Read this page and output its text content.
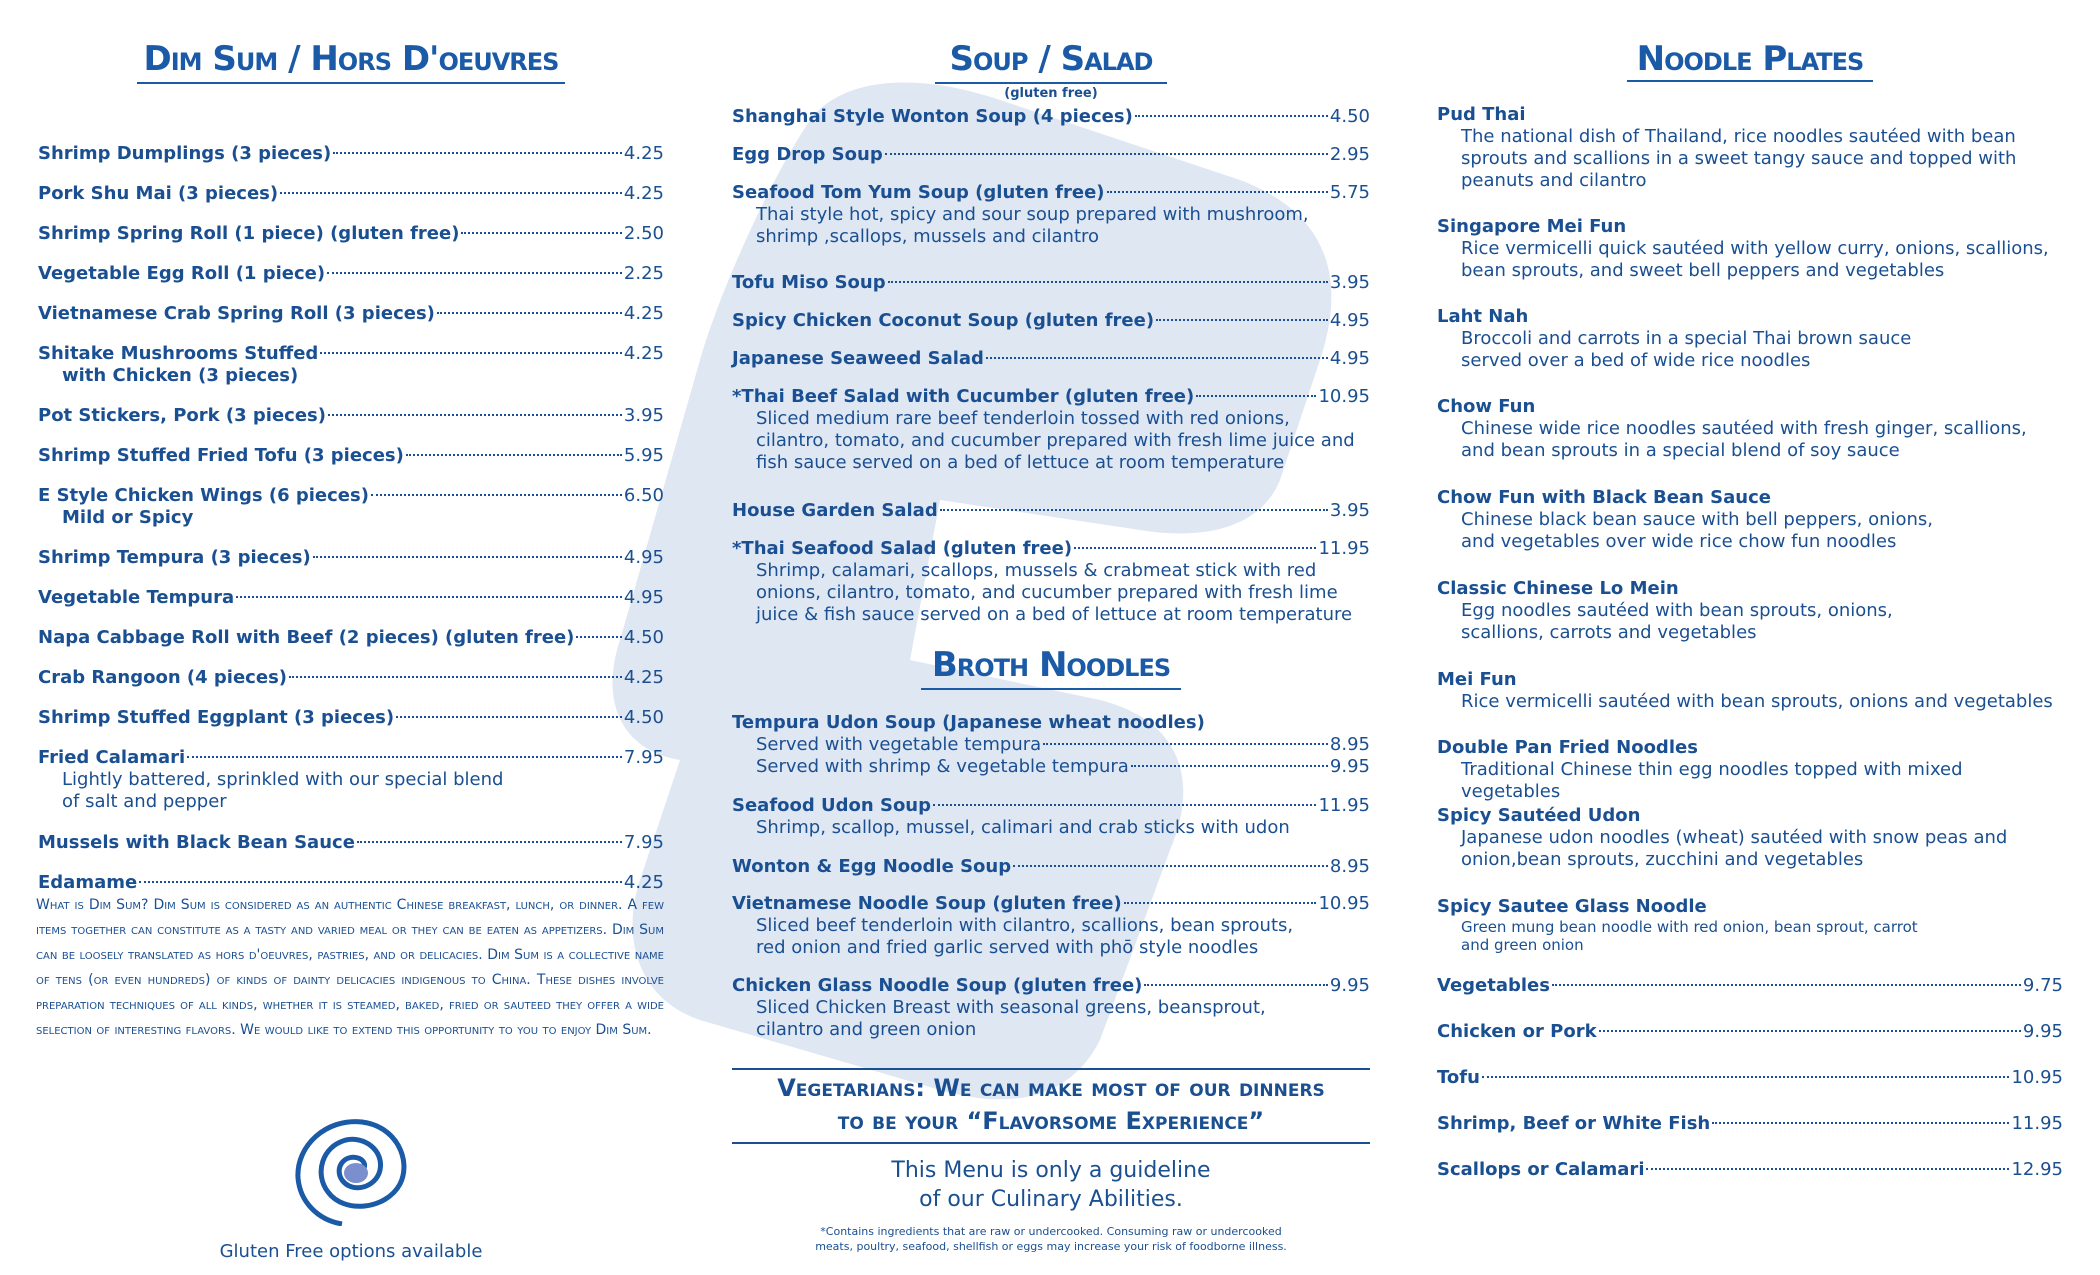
Dim Sum / Hors D'oeuvres
Shrimp Dumplings (3 pieces)	4.25
Pork Shu Mai (3 pieces)	4.25
Shrimp Spring Roll (1 piece) (gluten free)	2.50
Vegetable Egg Roll (1 piece)	2.25
Vietnamese Crab Spring Roll (3 pieces)	4.25
Shitake Mushrooms Stuffed	4.25
with Chicken (3 pieces)
Pot Stickers, Pork (3 pieces)	3.95
Shrimp Stuffed Fried Tofu (3 pieces)	5.95
E Style Chicken Wings (6 pieces)	6.50
Mild or Spicy
Shrimp Tempura (3 pieces)	4.95
Vegetable Tempura	4.95
Napa Cabbage Roll with Beef (2 pieces) (gluten free)	4.50
Crab Rangoon (4 pieces)	4.25
Shrimp Stuffed Eggplant (3 pieces)	4.50
Fried Calamari	7.95
Lightly battered, sprinkled with our special blend
of salt and pepper
Mussels with Black Bean Sauce	7.95
Edamame	4.25
What is Dim Sum? Dim Sum is considered as an authentic Chinese breakfast, lunch, or dinner. A few items together can constitute as a tasty and varied meal or they can be eaten as appetizers. Dim Sum can be loosely translated as hors d'oeuvres, pastries, and or delicacies. Dim Sum is a collective name of tens (or even hundreds) of kinds of dainty delicacies indigenous to China. These dishes involve preparation techniques of all kinds, whether it is steamed, baked, fried or sauteed they offer a wide selection of interesting flavors. We would like to extend this opportunity to you to enjoy Dim Sum.
Gluten Free options available
Soup / Salad
(gluten free)
Shanghai Style Wonton Soup (4 pieces)	4.50
Egg Drop Soup	2.95
Seafood Tom Yum Soup (gluten free)	5.75
Thai style hot, spicy and sour soup prepared with mushroom,
shrimp ,scallops, mussels and cilantro
Tofu Miso Soup	3.95
Spicy Chicken Coconut Soup (gluten free)	4.95
Japanese Seaweed Salad	4.95
*Thai Beef Salad with Cucumber (gluten free)	10.95
Sliced medium rare beef tenderloin tossed with red onions,
cilantro, tomato, and cucumber prepared with fresh lime juice and
fish sauce served on a bed of lettuce at room temperature
House Garden Salad	3.95
*Thai Seafood Salad (gluten free)	11.95
Shrimp, calamari, scallops, mussels & crabmeat stick with red
onions, cilantro, tomato, and cucumber prepared with fresh lime
juice & fish sauce served on a bed of lettuce at room temperature
Broth Noodles
Tempura Udon Soup (Japanese wheat noodles)
Served with vegetable tempura	8.95
Served with shrimp & vegetable tempura	9.95
Seafood Udon Soup	11.95
Shrimp, scallop, mussel, calimari and crab sticks with udon
Wonton & Egg Noodle Soup	8.95
Vietnamese Noodle Soup (gluten free)	10.95
Sliced beef tenderloin with cilantro, scallions, bean sprouts,
red onion and fried garlic served with phō style noodles
Chicken Glass Noodle Soup (gluten free)	9.95
Sliced Chicken Breast with seasonal greens, beansprout,
cilantro and green onion
Vegetarians: We can make most of our dinners
to be your “Flavorsome Experience”
This Menu is only a guideline
of our Culinary Abilities.
*Contains ingredients that are raw or undercooked. Consuming raw or undercooked
meats, poultry, seafood, shellfish or eggs may increase your risk of foodborne illness.
Noodle Plates
Pud Thai
The national dish of Thailand, rice noodles sautéed with bean
sprouts and scallions in a sweet tangy sauce and topped with
peanuts and cilantro
Singapore Mei Fun
Rice vermicelli quick sautéed with yellow curry, onions, scallions,
bean sprouts, and sweet bell peppers and vegetables
Laht Nah
Broccoli and carrots in a special Thai brown sauce
served over a bed of wide rice noodles
Chow Fun
Chinese wide rice noodles sautéed with fresh ginger, scallions,
and bean sprouts in a special blend of soy sauce
Chow Fun with Black Bean Sauce
Chinese black bean sauce with bell peppers, onions,
and vegetables over wide rice chow fun noodles
Classic Chinese Lo Mein
Egg noodles sautéed with bean sprouts, onions,
scallions, carrots and vegetables
Mei Fun
Rice vermicelli sautéed with bean sprouts, onions and vegetables
Double Pan Fried Noodles
Traditional Chinese thin egg noodles topped with mixed vegetables
Spicy Sautéed Udon
Japanese udon noodles (wheat) sautéed with snow peas and
onion,bean sprouts, zucchini and vegetables
Spicy Sautee Glass Noodle
Green mung bean noodle with red onion, bean sprout, carrot
and green onion
Vegetables	9.75
Chicken or Pork	9.95
Tofu	10.95
Shrimp, Beef or White Fish	11.95
Scallops or Calamari	12.95
